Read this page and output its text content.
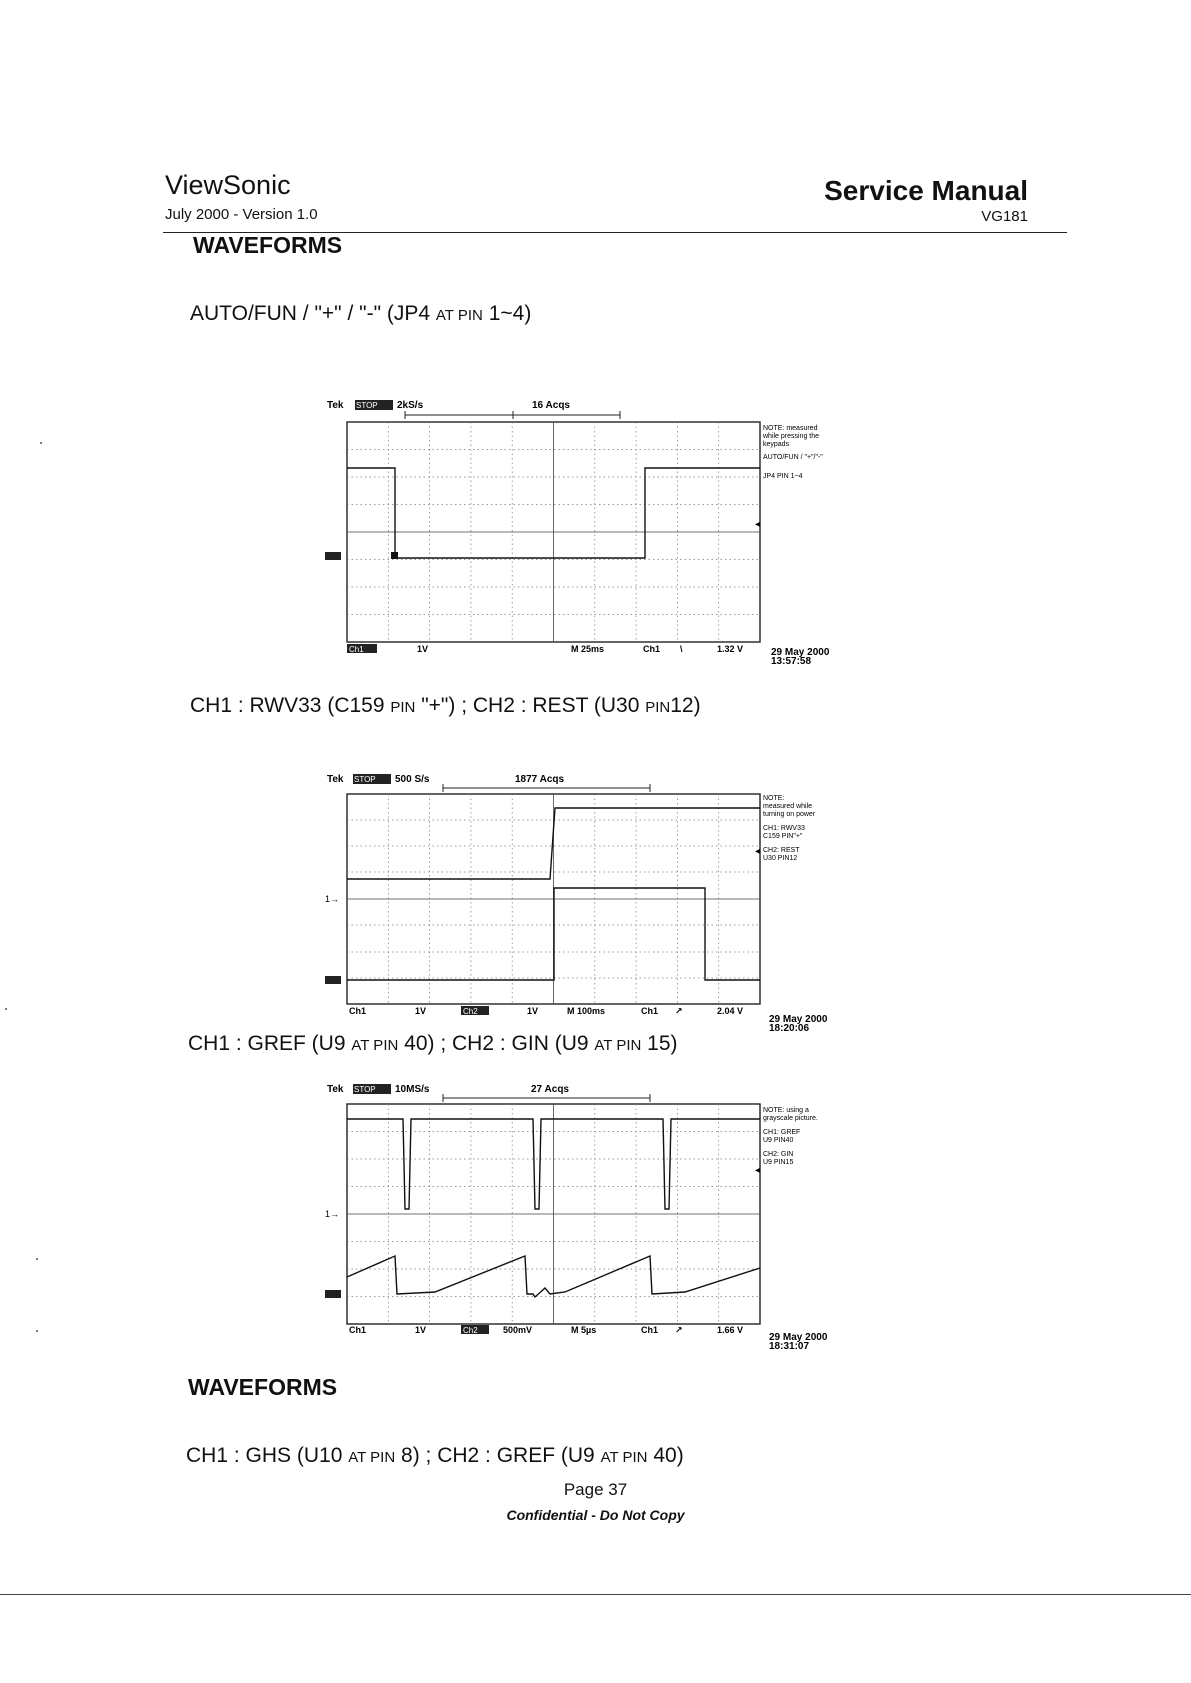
ViewSonic
July 2000 - Version 1.0
Service Manual
VG181
WAVEFORMS
AUTO/FUN / "+" / "-" (JP4 AT PIN 1~4)
Tek STOP 2kS/s	16 Acqs
◂
Ch1	1V	M 25ms	Ch1 \	1.32 V
NOTE: measured
while pressing the
keypads
AUTO/FUN / "+"/"-"
JP4 PIN 1~4
29 May 2000
13:57:58
CH1 : RWV33 (C159 PIN "+") ; CH2 : REST (U30 PIN12)
Tek STOP 500 S/s	1877 Acqs
1→
◂
Ch1	1V	Ch2	1V	M 100ms	Ch1 ↗	2.04 V
NOTE:
measured while
turning on power
CH1: RWV33
C159 PIN"+"
CH2: REST
U30 PIN12
29 May 2000
18:20:06
CH1 : GREF (U9 AT PIN 40) ; CH2 : GIN (U9 AT PIN 15)
Tek STOP 10MS/s	27 Acqs
1→
◂
Ch1	1V	Ch2	500mV	M 5µs	Ch1 ↗	1.66 V
NOTE: using a
grayscale picture.
CH1: GREF
U9 PIN40
CH2: GIN
U9 PIN15
29 May 2000
18:31:07
WAVEFORMS
CH1 : GHS (U10 AT PIN 8) ; CH2 : GREF (U9 AT PIN 40)
Page 37
Confidential - Do Not Copy
